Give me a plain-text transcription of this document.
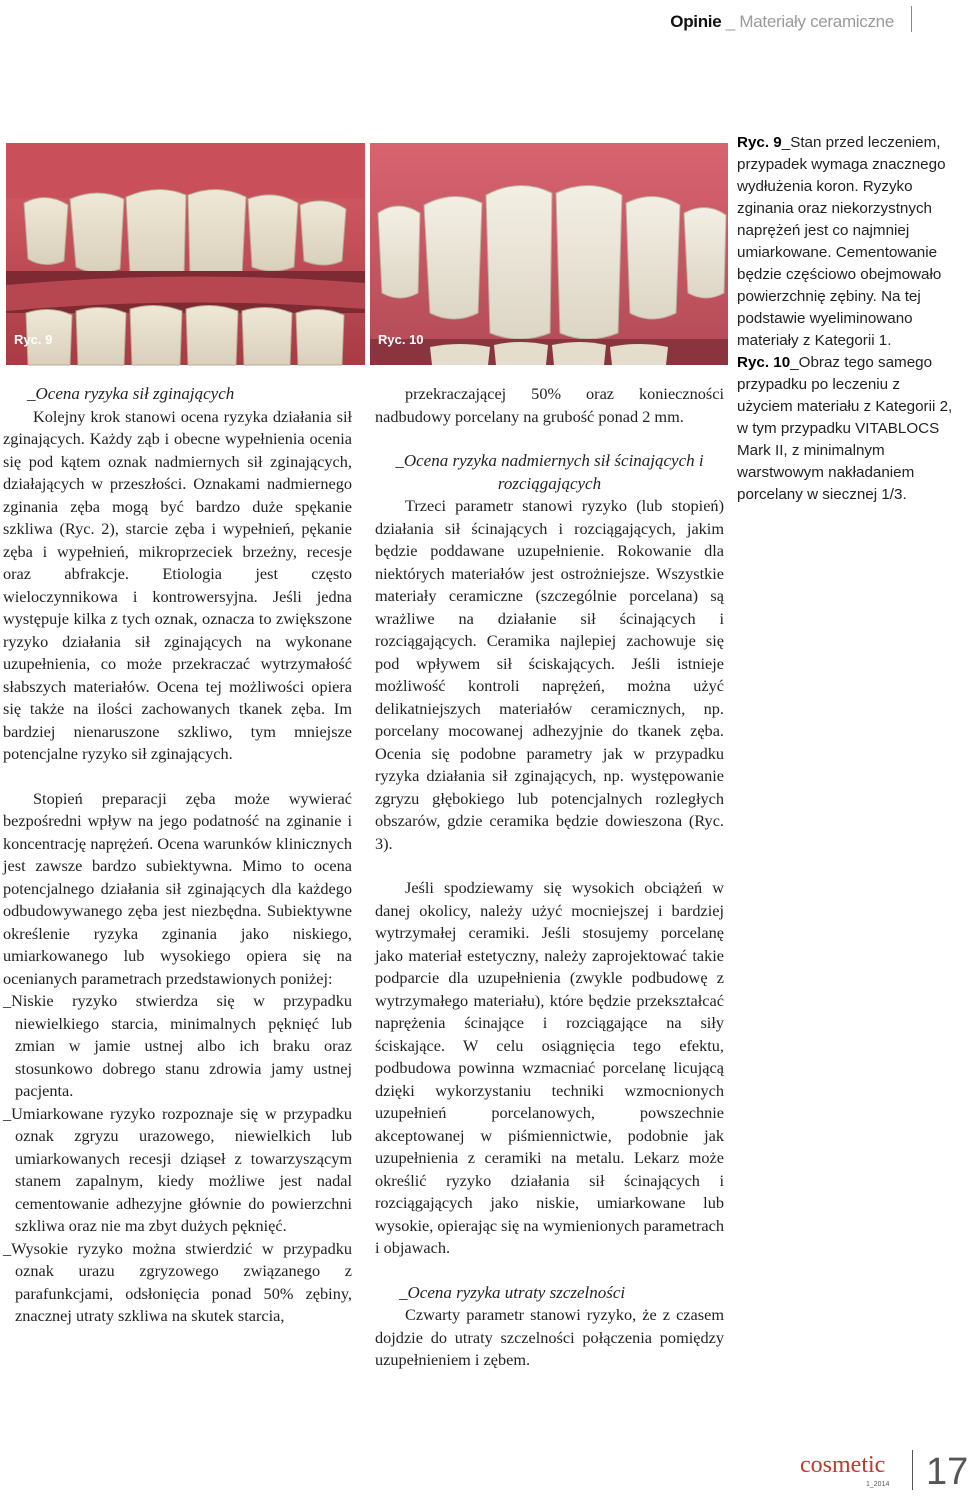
Opinie _ Materiały ceramiczne
Ryc. 9	Ryc. 10

_Ocena ryzyka sił zginających

Kolejny krok stanowi ocena ryzyka działania sił zginających. Każdy ząb i obecne wypełnienia ocenia się pod kątem oznak nadmiernych sił zginających, działających w przeszłości. Oznakami nadmiernego zginania zęba mogą być bardzo duże spękanie szkliwa (Ryc. 2), starcie zęba i wypełnień, pękanie zęba i wypełnień, mikroprzeciek brzeżny, recesje oraz abfrakcje. Etiologia jest często wieloczynnikowa i kontrowersyjna. Jeśli jedna występuje kilka z tych oznak, oznacza to zwiększone ryzyko działania sił zginających na wykonane uzupełnienia, co może przekraczać wytrzymałość słabszych materiałów. Ocena tej możliwości opiera się także na ilości zachowanych tkanek zęba. Im bardziej nienaruszone szkliwo, tym mniejsze potencjalne ryzyko sił zginających.

Stopień preparacji zęba może wywierać bezpośredni wpływ na jego podatność na zginanie i koncentrację naprężeń. Ocena warunków klinicznych jest zawsze bardzo subiektywna. Mimo to ocena potencjalnego działania sił zginających dla każdego odbudowywanego zęba jest niezbędna. Subiektywne określenie ryzyka zginania jako niskiego, umiarkowanego lub wysokiego opiera się na ocenianych parametrach przedstawionych poniżej:

_Niskie ryzyko stwierdza się w przypadku niewielkiego starcia, minimalnych pęknięć lub zmian w jamie ustnej albo ich braku oraz stosunkowo dobrego stanu zdrowia jamy ustnej pacjenta.

_Umiarkowane ryzyko rozpoznaje się w przypadku oznak zgryzu urazowego, niewielkich lub umiarkowanych recesji dziąseł z towarzyszącym stanem zapalnym, kiedy możliwe jest nadal cementowanie adhezyjne głównie do powierzchni szkliwa oraz nie ma zbyt dużych pęknięć.

_Wysokie ryzyko można stwierdzić w przypadku oznak urazu zgryzowego związanego z parafunkcjami, odsłonięcia ponad 50% zębiny, znacznej utraty szkliwa na skutek starcia,

przekraczającej 50% oraz konieczności nadbudowy porcelany na grubość ponad 2 mm.

_Ocena ryzyka nadmiernych sił ścinających i rozciągających

Trzeci parametr stanowi ryzyko (lub stopień) działania sił ścinających i rozciągających, jakim będzie poddawane uzupełnienie. Rokowanie dla niektórych materiałów jest ostrożniejsze. Wszystkie materiały ceramiczne (szczególnie porcelana) są wrażliwe na działanie sił ścinających i rozciągających. Ceramika najlepiej zachowuje się pod wpływem sił ściskających. Jeśli istnieje możliwość kontroli naprężeń, można użyć delikatniejszych materiałów ceramicznych, np. porcelany mocowanej adhezyjnie do tkanek zęba. Ocenia się podobne parametry jak w przypadku ryzyka działania sił zginających, np. występowanie zgryzu głębokiego lub potencjalnych rozległych obszarów, gdzie ceramika będzie dowieszona (Ryc. 3).

Jeśli spodziewamy się wysokich obciążeń w danej okolicy, należy użyć mocniejszej i bardziej wytrzymałej ceramiki. Jeśli stosujemy porcelanę jako materiał estetyczny, należy zaprojektować takie podparcie dla uzupełnienia (zwykle podbudowę z wytrzymałego materiału), które będzie przekształcać naprężenia ścinające i rozciągające na siły ściskające. W celu osiągnięcia tego efektu, podbudowa powinna wzmacniać porcelanę licującą dzięki wykorzystaniu techniki wzmocnionych uzupełnień porcelanowych, powszechnie akceptowanej w piśmiennictwie, podobnie jak uzupełnienia z ceramiki na metalu. Lekarz może określić ryzyko działania sił ścinających i rozciągających jako niskie, umiarkowane lub wysokie, opierając się na wymienionych parametrach i objawach.

_Ocena ryzyka utraty szczelności

Czwarty parametr stanowi ryzyko, że z czasem dojdzie do utraty szczelności połączenia pomiędzy uzupełnieniem i zębem.

Ryc. 9_Stan przed leczeniem, przypadek wymaga znacznego wydłużenia koron. Ryzyko zginania oraz niekorzystnych naprężeń jest co najmniej umiarkowane. Cementowanie będzie częściowo obejmowało powierzchnię zębiny. Na tej podstawie wyeliminowano materiały z Kategorii 1.

Ryc. 10_Obraz tego samego przypadku po leczeniu z użyciem materiału z Kategorii 2, w tym przypadku VITABLOCS Mark II, z minimalnym warstwowym nakładaniem porcelany w siecznej 1/3.

cosmetic
1_2014 17
